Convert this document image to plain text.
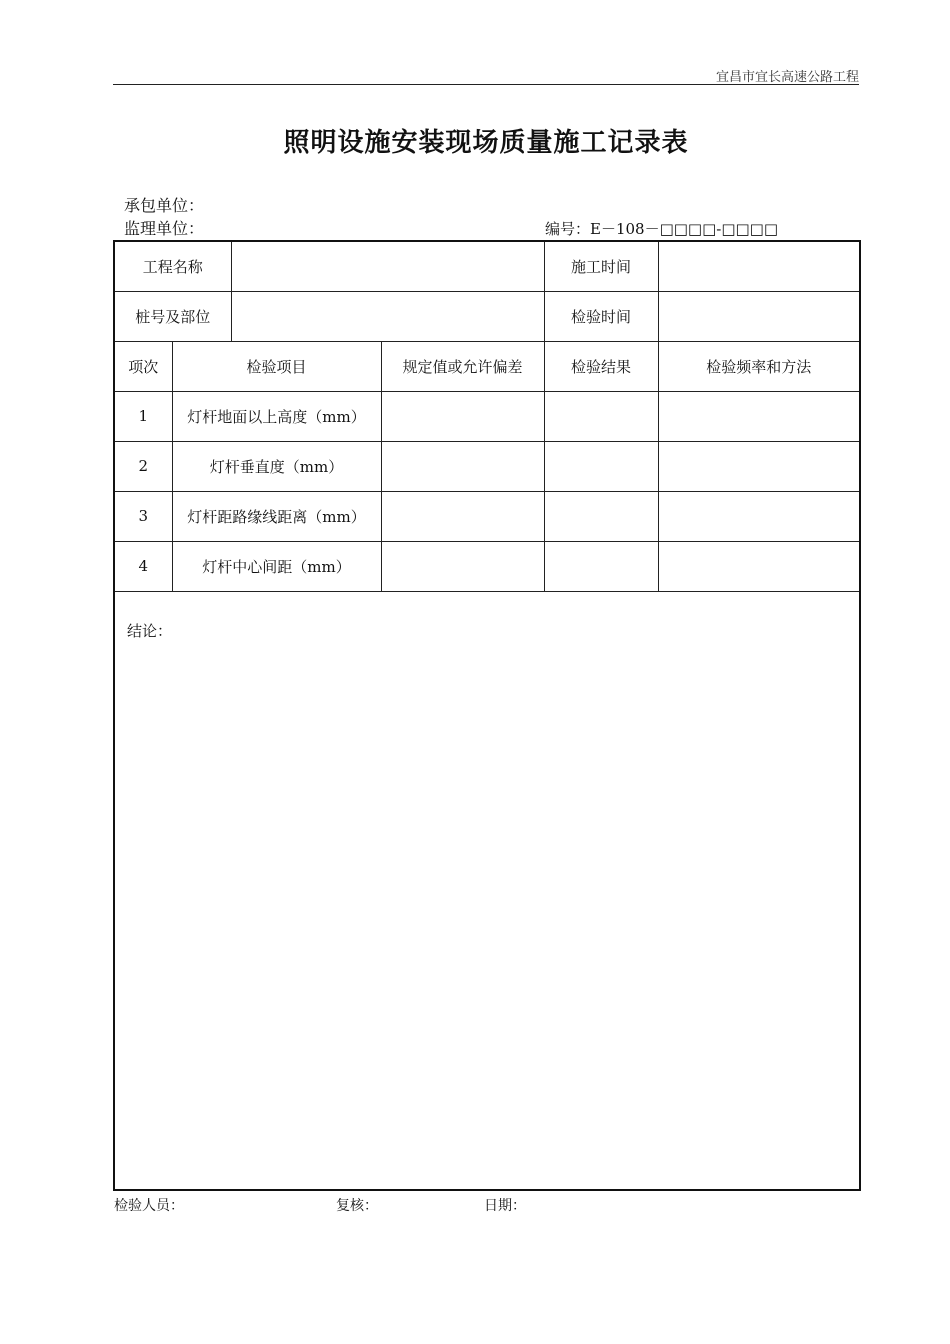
宜昌市宜长高速公路工程
照明设施安装现场质量施工记录表
承包单位：
监理单位：	编号：E－108－□□□□-□□□□
工程名称				施工时间	
桩号及部位				检验时间	
项次	检验项目		规定值或允许偏差	检验结果	检验频率和方法
1	灯杆地面以上高度（mm）				
2	灯杆垂直度（mm）				
3	灯杆距路缘线距离（mm）				
4	灯杆中心间距（mm）				
结论：					
检验人员：	复核：	日期：
